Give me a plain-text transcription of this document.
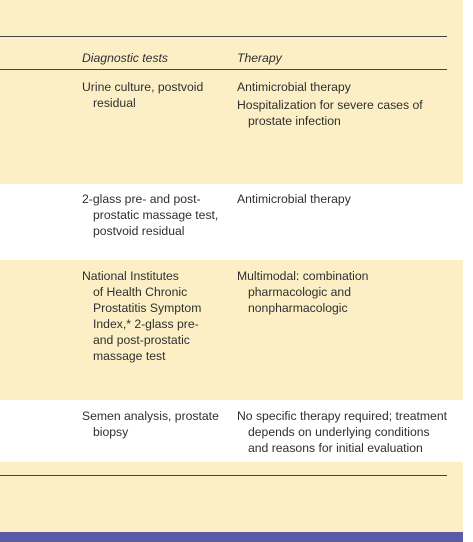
Diagnostic tests	Therapy

Urine culture, postvoid
residual

Antimicrobial therapy

Hospitalization for severe cases of
prostate infection

2-glass pre- and post-
prostatic massage test,
postvoid residual

Antimicrobial therapy

National Institutes
of Health Chronic
Prostatitis Symptom
Index,* 2-glass pre-
and post-prostatic
massage test

Multimodal: combination
pharmacologic and
nonpharmacologic

Semen analysis, prostate
biopsy

No specific therapy required; treatment
depends on underlying conditions
and reasons for initial evaluation
